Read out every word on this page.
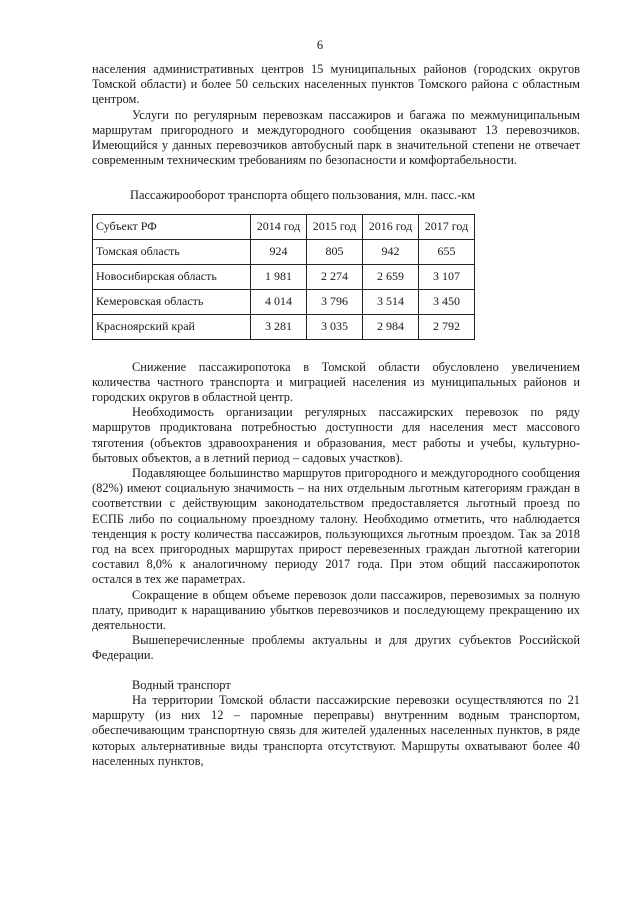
6

населения административных центров 15 муниципальных районов (городских округов Томской области) и более 50 сельских населенных пунктов Томского района с областным центром.

Услуги по регулярным перевозкам пассажиров и багажа по межмуниципальным маршрутам пригородного и междугородного сообщения оказывают 13 перевозчиков. Имеющийся у данных перевозчиков автобусный парк в значительной степени не отвечает современным техническим требованиям по безопасности и комфортабельности.

Пассажирооборот транспорта общего пользования, млн. пасс.-км

Субъект РФ	2014 год	2015 год	2016 год	2017 год
Томская область	924	805	942	655
Новосибирская область	1 981	2 274	2 659	3 107
Кемеровская область	4 014	3 796	3 514	3 450
Красноярский край	3 281	3 035	2 984	2 792

Снижение пассажиропотока в Томской области обусловлено увеличением количества частного транспорта и миграцией населения из муниципальных районов и городских округов в областной центр.

Необходимость организации регулярных пассажирских перевозок по ряду маршрутов продиктована потребностью доступности для населения мест массового тяготения (объектов здравоохранения и образования, мест работы и учебы, культурно-бытовых объектов, а в летний период – садовых участков).

Подавляющее большинство маршрутов пригородного и междугородного сообщения (82%) имеют социальную значимость – на них отдельным льготным категориям граждан в соответствии с действующим законодательством предоставляется льготный проезд по ЕСПБ либо по социальному проездному талону. Необходимо отметить, что наблюдается тенденция к росту количества пассажиров, пользующихся льготным проездом. Так за 2018 год на всех пригородных маршрутах прирост перевезенных граждан льготной категории составил 8,0% к аналогичному периоду 2017 года. При этом общий пассажиропоток остался в тех же параметрах.

Сокращение в общем объеме перевозок доли пассажиров, перевозимых за полную плату, приводит к наращиванию убытков перевозчиков и последующему прекращению их деятельности.

Вышеперечисленные проблемы актуальны и для других субъектов Российской Федерации.

Водный транспорт

На территории Томской области пассажирские перевозки осуществляются по 21 маршруту (из них 12 – паромные переправы) внутренним водным транспортом, обеспечивающим транспортную связь для жителей удаленных населенных пунктов, в ряде которых альтернативные виды транспорта отсутствуют. Маршруты охватывают более 40 населенных пунктов,
